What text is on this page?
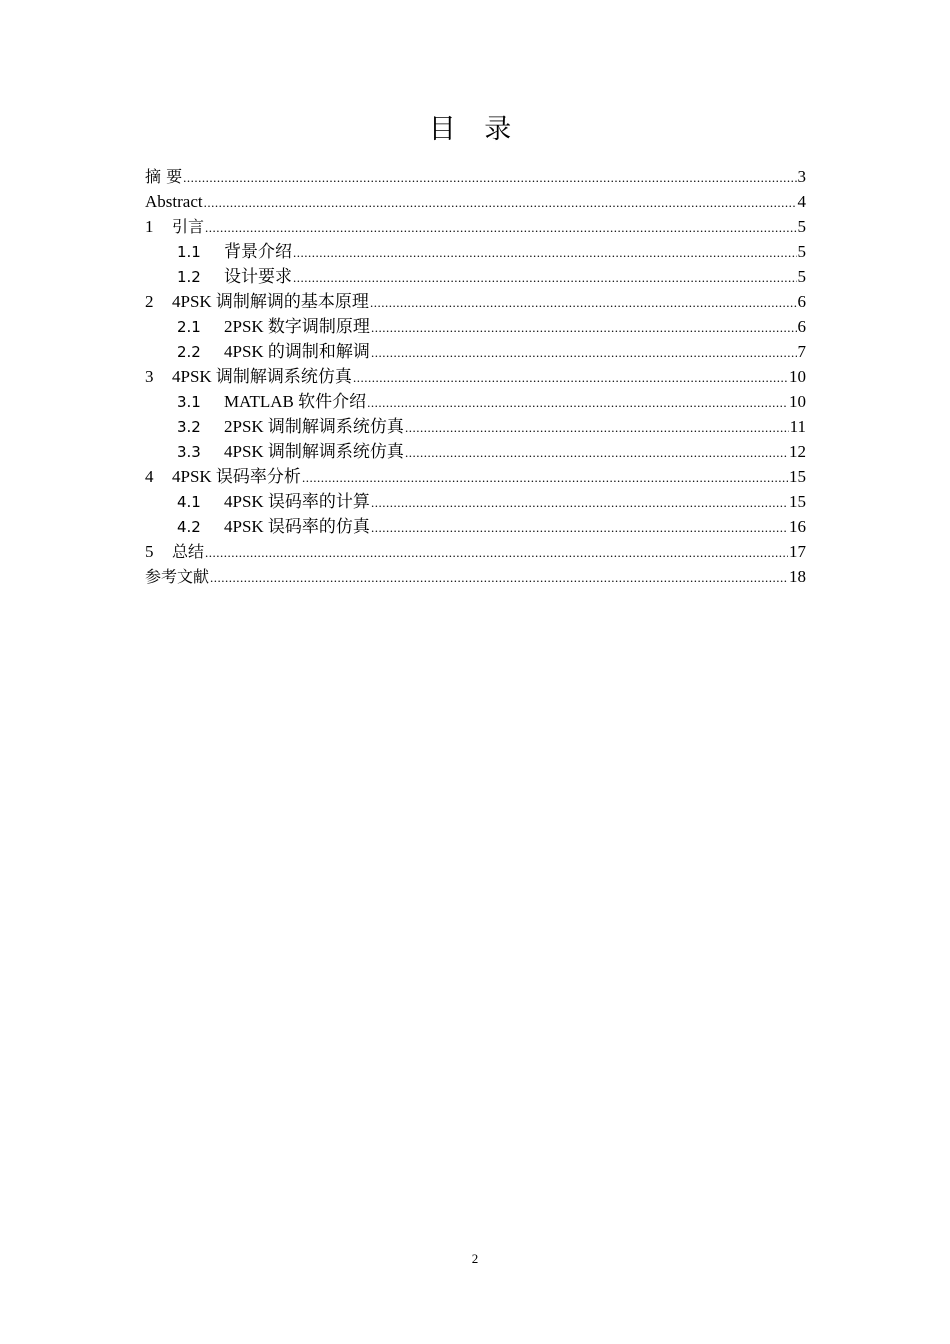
目 录
摘 要 .....	3
Abstract .....	4
1	引言 .....	5
1.1	背景介绍 .....	5
1.2	设计要求 .....	5
2	4PSK 调制解调的基本原理 .....	6
2.1	2PSK 数字调制原理 .....	6
2.2	4PSK 的调制和解调 .....	7
3	4PSK 调制解调系统仿真 .....	10
3.1	MATLAB 软件介绍 .....	10
3.2	2PSK 调制解调系统仿真 .....	11
3.3	4PSK 调制解调系统仿真 .....	12
4	4PSK 误码率分析 .....	15
4.1	4PSK 误码率的计算 .....	15
4.2	4PSK 误码率的仿真 .....	16
5	总结 .....	17
参考文献 .....	18
2
